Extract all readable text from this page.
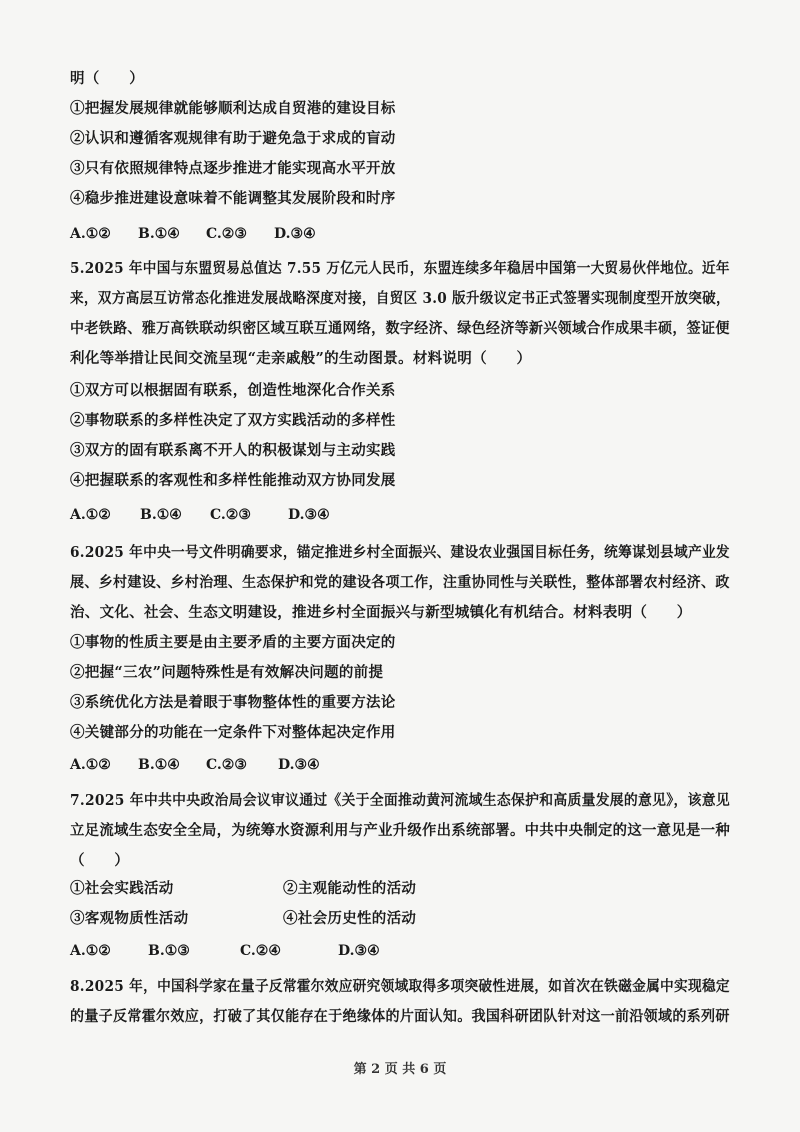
明（　　）
①把握发展规律就能够顺利达成自贸港的建设目标
②认识和遵循客观规律有助于避免急于求成的盲动
③只有依照规律特点逐步推进才能实现高水平开放
④稳步推进建设意味着不能调整其发展阶段和时序
A.①② B.①④ C.②③ D.③④
5.2025 年中国与东盟贸易总值达 7.55 万亿元人民币，东盟连续多年稳居中国第一大贸易伙伴地位。近年
来，双方高层互访常态化推进发展战略深度对接，自贸区 3.0 版升级议定书正式签署实现制度型开放突破，
中老铁路、雅万高铁联动织密区域互联互通网络，数字经济、绿色经济等新兴领域合作成果丰硕，签证便
利化等举措让民间交流呈现“走亲戚般”的生动图景。材料说明（　　）
①双方可以根据固有联系，创造性地深化合作关系
②事物联系的多样性决定了双方实践活动的多样性
③双方的固有联系离不开人的积极谋划与主动实践
④把握联系的客观性和多样性能推动双方协同发展
A.①② B.①④ C.②③	D.③④
6.2025 年中央一号文件明确要求，锚定推进乡村全面振兴、建设农业强国目标任务，统筹谋划县域产业发
展、乡村建设、乡村治理、生态保护和党的建设各项工作，注重协同性与关联性，整体部署农村经济、政
治、文化、社会、生态文明建设，推进乡村全面振兴与新型城镇化有机结合。材料表明（　　）
①事物的性质主要是由主要矛盾的主要方面决定的
②把握“三农”问题特殊性是有效解决问题的前提
③系统优化方法是着眼于事物整体性的重要方法论
④关键部分的功能在一定条件下对整体起决定作用
A.①② B.①④ C.②③ D.③④
7.2025 年中共中央政治局会议审议通过《关于全面推动黄河流域生态保护和高质量发展的意见》，该意见
立足流域生态安全全局，为统筹水资源利用与产业升级作出系统部署。中共中央制定的这一意见是一种
（　　）
①社会实践活动	②主观能动性的活动
③客观物质性活动	④社会历史性的活动
A.①②	B.①③	C.②④	D.③④
8.2025 年，中国科学家在量子反常霍尔效应研究领域取得多项突破性进展，如首次在铁磁金属中实现稳定
的量子反常霍尔效应，打破了其仅能存在于绝缘体的片面认知。我国科研团队针对这一前沿领域的系列研
第 2 页 共 6 页
